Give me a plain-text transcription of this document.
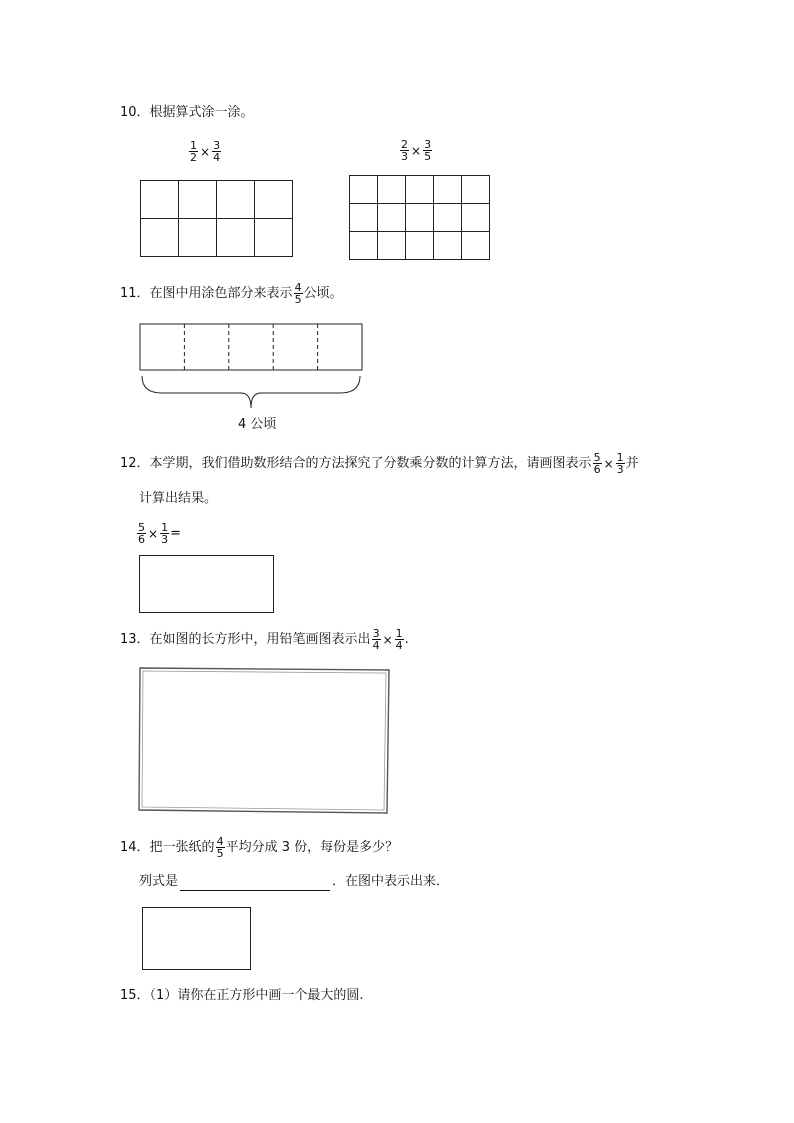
10．根据算式涂一涂。
$\frac{1}{2} \times \frac{3}{4}$	$\frac{2}{3} \times \frac{3}{5}$

11．在图中用涂色部分来表示 $\frac{4}{5}$ 公顷。
4 公顷
12．本学期，我们借助数形结合的方法探究了分数乘分数的计算方法，请画图表示 $\frac{5}{6} \times \frac{1}{3}$ 并
计算出结果。
$\frac{5}{6} \times \frac{1}{3}$ =
13．在如图的长方形中，用铅笔画图表示出 $\frac{3}{4} \times \frac{1}{4}$ .
14．把一张纸的 $\frac{4}{5}$ 平均分成 3 份，每份是多少？
列式是	．在图中表示出来．
15．（1）请你在正方形中画一个最大的圆.
